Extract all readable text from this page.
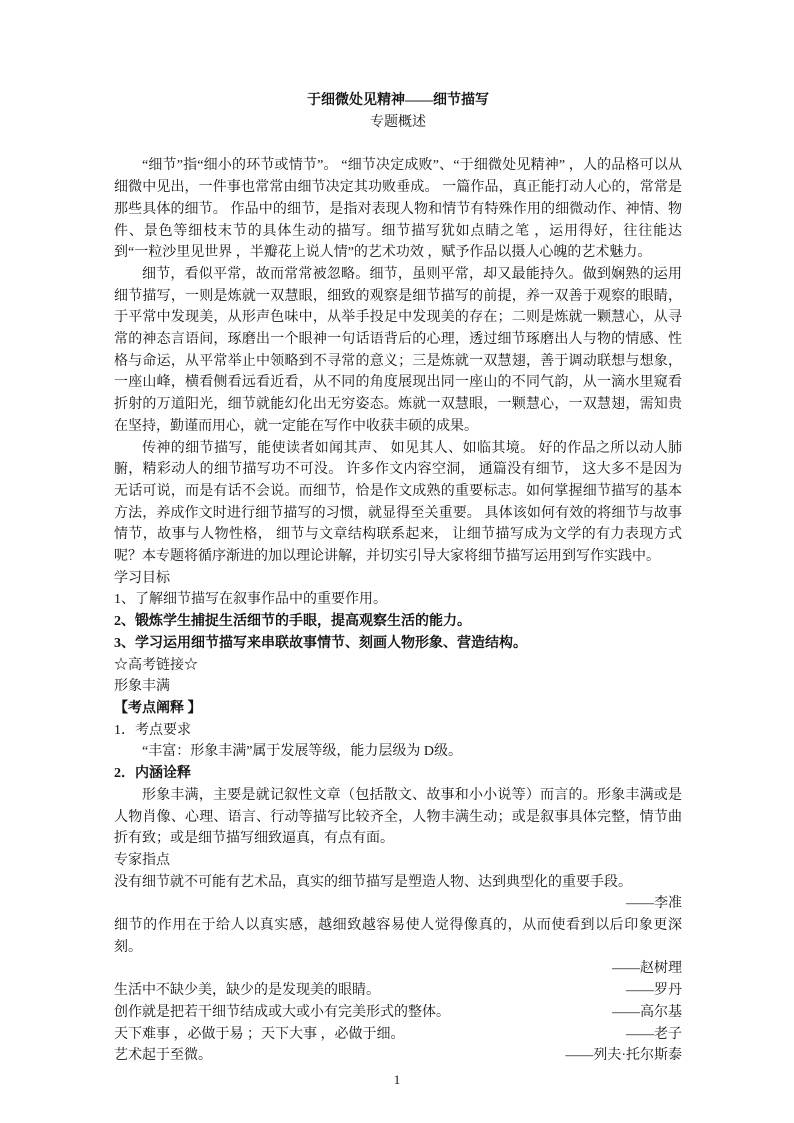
于细微处见精神——细节描写
专题概述

“细节”指“细小的环节或情节”。 “细节决定成败”、“于细微处见精神” ，人的品格可以从细微中见出，一件事也常常由细节决定其功败垂成。 一篇作品，真正能打动人心的，常常是那些具体的细节。 作品中的细节，是指对表现人物和情节有特殊作用的细微动作、神情、物件、景色等细枝末节的具体生动的描写。细节描写犹如点睛之笔 ，运用得好，往往能达到“一粒沙里见世界 ，半瓣花上说人情”的艺术功效 ，赋予作品以摄人心魄的艺术魅力。

细节，看似平常，故而常常被忽略。细节，虽则平常，却又最能持久。做到娴熟的运用细节描写，一则是炼就一双慧眼，细致的观察是细节描写的前提，养一双善于观察的眼睛，于平常中发现美，从形声色味中，从举手投足中发现美的存在；二则是炼就一颗慧心，从寻常的神态言语间，琢磨出一个眼神一句话语背后的心理，透过细节琢磨出人与物的情感、性格与命运，从平常举止中领略到不寻常的意义；三是炼就一双慧翅，善于调动联想与想象，一座山峰，横看侧看远看近看，从不同的角度展现出同一座山的不同气韵，从一滴水里窥看折射的万道阳光，细节就能幻化出无穷姿态。炼就一双慧眼，一颗慧心，一双慧翅，需知贵在坚持，勤谨而用心，就一定能在写作中收获丰硕的成果。

传神的细节描写，能使读者如闻其声、 如见其人、如临其境。 好的作品之所以动人肺腑，精彩动人的细节描写功不可没。 许多作文内容空洞， 通篇没有细节， 这大多不是因为无话可说，而是有话不会说。而细节，恰是作文成熟的重要标志。如何掌握细节描写的基本方法，养成作文时进行细节描写的习惯，就显得至关重要。 具体该如何有效的将细节与故事情节，故事与人物性格， 细节与文章结构联系起来， 让细节描写成为文学的有力表现方式呢？本专题将循序渐进的加以理论讲解，并切实引导大家将细节描写运用到写作实践中。

学习目标
1、了解细节描写在叙事作品中的重要作用。
2、锻炼学生捕捉生活细节的手眼，提高观察生活的能力。
3、学习运用细节描写来串联故事情节、刻画人物形象、营造结构。
☆高考链接☆
形象丰满
【考点阐释 】
1．考点要求
“丰富：形象丰满”属于发展等级，能力层级为 D级。
2．内涵诠释

形象丰满，主要是就记叙性文章（包括散文、故事和小小说等）而言的。形象丰满或是人物肖像、心理、语言、行动等描写比较齐全，人物丰满生动；或是叙事具体完整，情节曲折有致；或是细节描写细致逼真，有点有面。

专家指点

没有细节就不可能有艺术品，真实的细节描写是塑造人物、达到典型化的重要手段。

——李准

细节的作用在于给人以真实感，越细致越容易使人觉得像真的，从而使看到以后印象更深刻。

——赵树理
生活中不缺少美，缺少的是发现美的眼睛。	——罗丹
创作就是把若干细节结成或大或小有完美形式的整体。	——高尔基
天下难事 ，必做于易 ；天下大事 ，必做于细。	——老子
艺术起于至微。	——列夫·托尔斯泰
1
